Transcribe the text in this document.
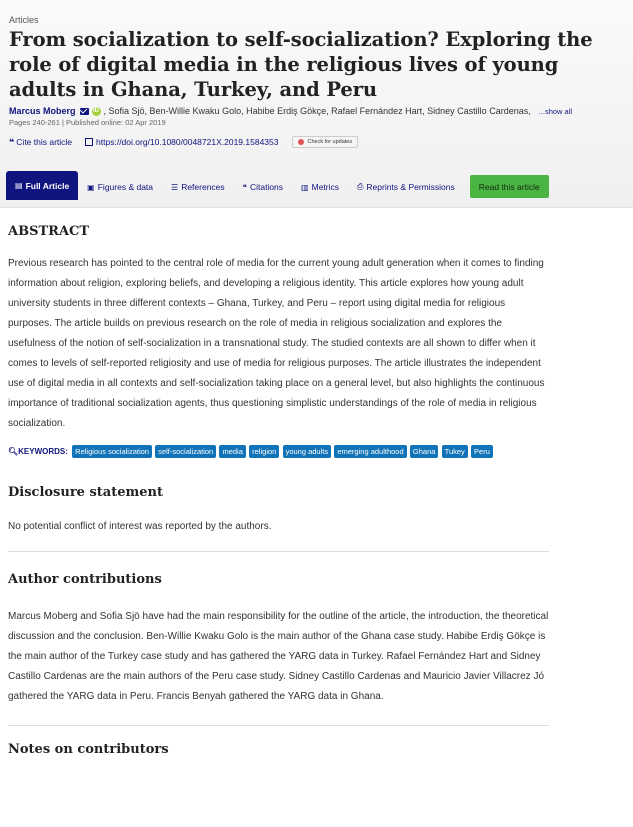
Articles
From socialization to self-socialization? Exploring the role of digital media in the religious lives of young adults in Ghana, Turkey, and Peru
Marcus Moberg	iD , Sofia Sjö, Ben-Willie Kwaku Golo, Habibe Erdiş Gökçe, Rafael Fernández Hart, Sidney Castillo Cardenas, ...show all
Pages 240-261 | Published online: 02 Apr 2019
❝ Cite this article	https://doi.org/10.1080/0048721X.2019.1584353	Check for updates
▤ Full Article ▣ Figures & data ☰ References ❝ Citations ▥ Metrics ⎙ Reprints & Permissions	Read this article
ABSTRACT

Previous research has pointed to the central role of media for the current young adult generation when it comes to finding information about religion, exploring beliefs, and developing a religious identity. This article explores how young adult university students in three different contexts – Ghana, Turkey, and Peru – report using digital media for religious purposes. The article builds on previous research on the role of media in religious socialization and explores the usefulness of the notion of self-socialization in a transnational study. The studied contexts are all shown to differ when it comes to levels of self-reported religiosity and use of media for religious purposes. The article illustrates the independent use of digital media in all contexts and self-socialization taking place on a general level, but also highlights the continuous importance of traditional socialization agents, thus questioning simplistic understandings of the role of media in religious socialization.

🔍︎KEYWORDS: Religious socialization self-socialization media religion young adults emerging adulthood Ghana Tukey Peru
Disclosure statement

No potential conflict of interest was reported by the authors.

Author contributions

Marcus Moberg and Sofia Sjö have had the main responsibility for the outline of the article, the introduction, the theoretical discussion and the conclusion. Ben-Willie Kwaku Golo is the main author of the Ghana case study. Habibe Erdiş Gökçe is the main author of the Turkey case study and has gathered the YARG data in Turkey. Rafael Fernández Hart and Sidney Castillo Cardenas are the main authors of the Peru case study. Sidney Castillo Cardenas and Mauricio Javier Villacrez Jó gathered the YARG data in Peru. Francis Benyah gathered the YARG data in Ghana.

Notes on contributors
